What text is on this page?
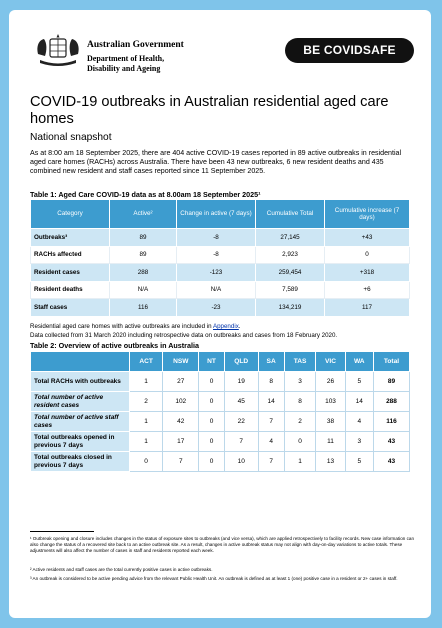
Australian Government
Department of Health,
Disability and Ageing
BE COVIDSAFE
COVID-19 outbreaks in Australian residential aged care homes
National snapshot
As at 8:00 am 18 September 2025, there are 404 active COVID-19 cases reported in 89 active outbreaks in residential aged care homes (RACHs) across Australia. There have been 43 new outbreaks, 6 new resident deaths and 435 combined new resident and staff cases reported since 11 September 2025.
Table 1: Aged Care COVID-19 data as at 8.00am 18 September 2025¹
Category	Active²	Change in active (7 days)	Cumulative Total	Cumulative increase (7 days)
Outbreaks³	89	-8	27,145	+43
RACHs affected	89	-8	2,923	0
Resident cases	288	-123	259,454	+318
Resident deaths	N/A	N/A	7,589	+6
Staff cases	116	-23	134,219	117
Residential aged care homes with active outbreaks are included in Appendix.
Data collected from 31 March 2020 including retrospective data on outbreaks and cases from 18 February 2020.
Table 2: Overview of active outbreaks in Australia
	ACT	NSW	NT	QLD	SA	TAS	VIC	WA	Total
Total RACHs with outbreaks	1	27	0	19	8	3	26	5	89
Total number of active resident cases	2	102	0	45	14	8	103	14	288
Total number of active staff cases	1	42	0	22	7	2	38	4	116
Total outbreaks opened in previous 7 days	1	17	0	7	4	0	11	3	43
Total outbreaks closed in previous 7 days	0	7	0	10	7	1	13	5	43
¹ Outbreak opening and closure includes changes in the status of exposure sites to outbreaks (and vice versa), which are applied retrospectively to facility records. New case information can also change the status of a recovered site back to an active outbreak site. As a result, changes in active outbreak status may not align with day-on-day variations to active totals. These adjustments will also affect the number of cases in staff and residents reported each week.
² Active residents and staff cases are the total currently positive cases in active outbreaks.
³ An outbreak is considered to be active pending advice from the relevant Public Health Unit. An outbreak is defined as at least 1 (one) positive case in a resident or 2+ cases in staff.
